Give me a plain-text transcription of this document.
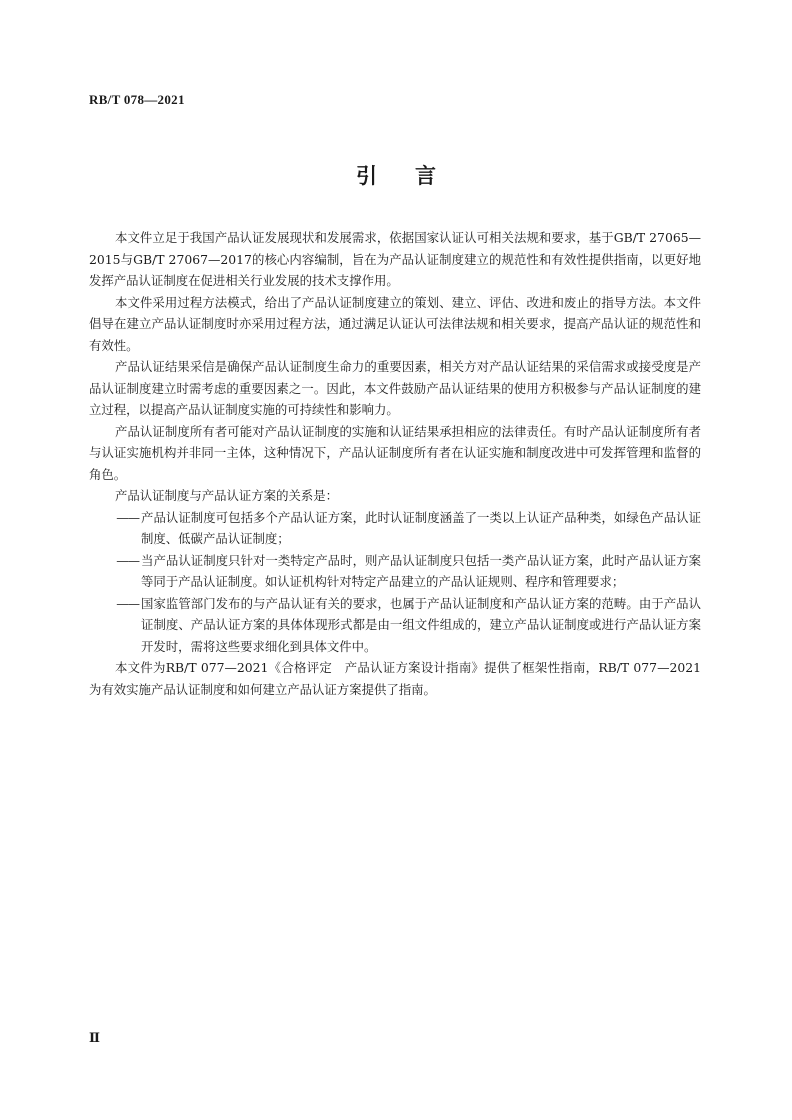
RB/T 078—2021
引言

本文件立足于我国产品认证发展现状和发展需求，依据国家认证认可相关法规和要求，基于GB/T 27065—2015与GB/T 27067—2017的核心内容编制，旨在为产品认证制度建立的规范性和有效性提供指南，以更好地发挥产品认证制度在促进相关行业发展的技术支撑作用。

本文件采用过程方法模式，给出了产品认证制度建立的策划、建立、评估、改进和废止的指导方法。本文件倡导在建立产品认证制度时亦采用过程方法，通过满足认证认可法律法规和相关要求，提高产品认证的规范性和有效性。

产品认证结果采信是确保产品认证制度生命力的重要因素，相关方对产品认证结果的采信需求或接受度是产品认证制度建立时需考虑的重要因素之一。因此，本文件鼓励产品认证结果的使用方积极参与产品认证制度的建立过程，以提高产品认证制度实施的可持续性和影响力。

产品认证制度所有者可能对产品认证制度的实施和认证结果承担相应的法律责任。有时产品认证制度所有者与认证实施机构并非同一主体，这种情况下，产品认证制度所有者在认证实施和制度改进中可发挥管理和监督的角色。

产品认证制度与产品认证方案的关系是：

—— 产品认证制度可包括多个产品认证方案，此时认证制度涵盖了一类以上认证产品种类，如绿色产品认证制度、低碳产品认证制度；
—— 当产品认证制度只针对一类特定产品时，则产品认证制度只包括一类产品认证方案，此时产品认证方案等同于产品认证制度。如认证机构针对特定产品建立的产品认证规则、程序和管理要求；
—— 国家监管部门发布的与产品认证有关的要求，也属于产品认证制度和产品认证方案的范畴。由于产品认证制度、产品认证方案的具体体现形式都是由一组文件组成的，建立产品认证制度或进行产品认证方案开发时，需将这些要求细化到具体文件中。

本文件为RB/T 077—2021《合格评定　产品认证方案设计指南》提供了框架性指南，RB/T 077—2021为有效实施产品认证制度和如何建立产品认证方案提供了指南。

Ⅱ
